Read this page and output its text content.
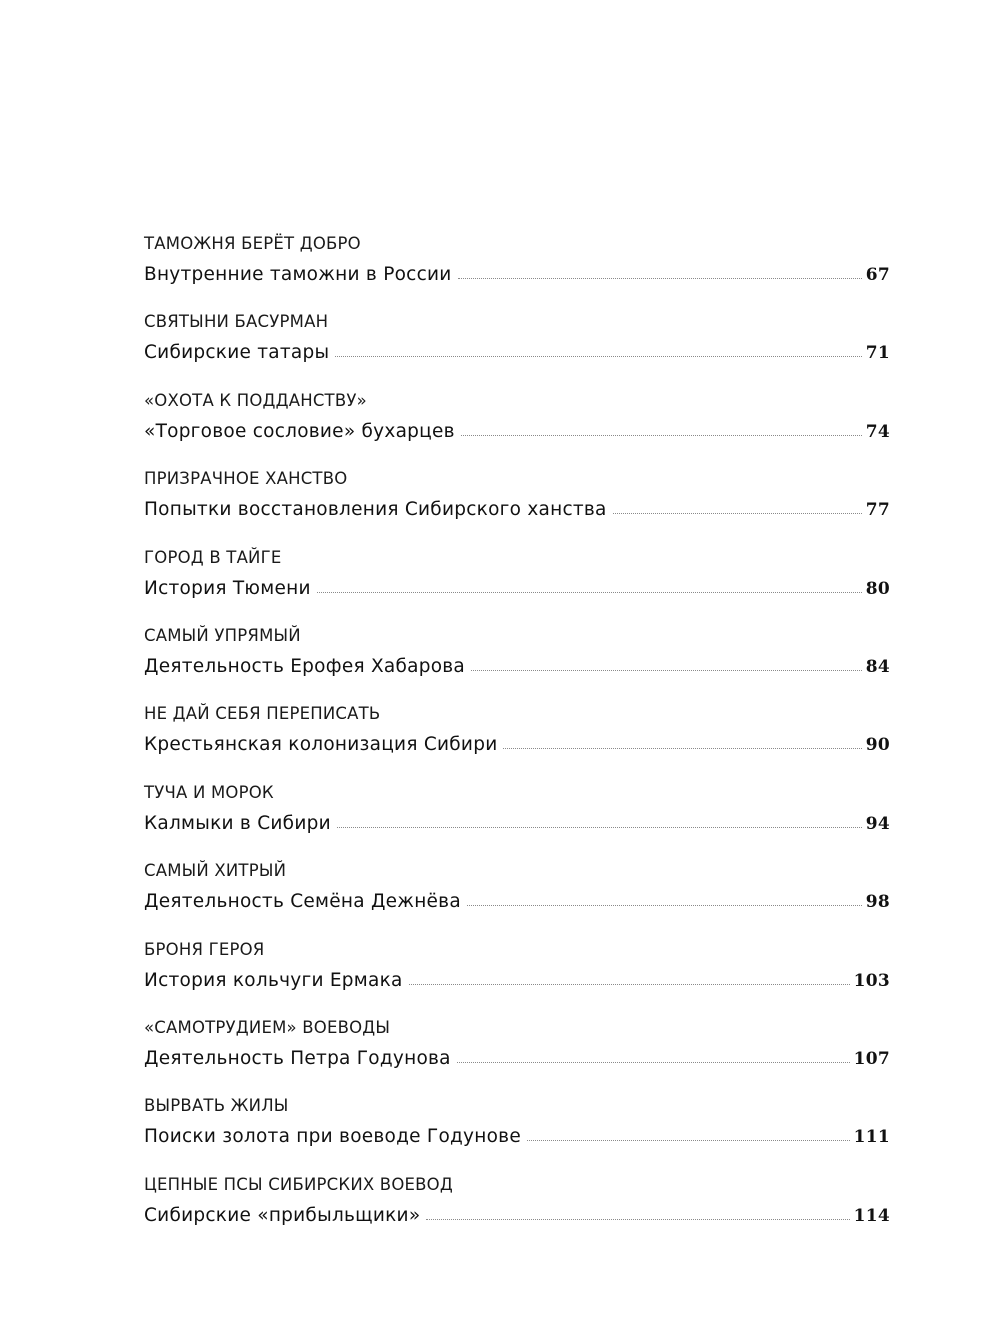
ТАМОЖНЯ БЕРЁТ ДОБРО
Внутренние таможни в России	67
СВЯТЫНИ БАСУРМАН
Сибирские татары	71
«ОХОТА К ПОДДАНСТВУ»
«Торговое сословие» бухарцев	74
ПРИЗРАЧНОЕ ХАНСТВО
Попытки восстановления Сибирского ханства	77
ГОРОД В ТАЙГЕ
История Тюмени	80
САМЫЙ УПРЯМЫЙ
Деятельность Ерофея Хабарова	84
НЕ ДАЙ СЕБЯ ПЕРЕПИСАТЬ
Крестьянская колонизация Сибири	90
ТУЧА И МОРОК
Калмыки в Сибири	94
САМЫЙ ХИТРЫЙ
Деятельность Семёна Дежнёва	98
БРОНЯ ГЕРОЯ
История кольчуги Ермака	103
«САМОТРУДИЕМ» ВОЕВОДЫ
Деятельность Петра Годунова	107
ВЫРВАТЬ ЖИЛЫ
Поиски золота при воеводе Годунове	111
ЦЕПНЫЕ ПСЫ СИБИРСКИХ ВОЕВОД
Сибирские «прибыльщики»	114
